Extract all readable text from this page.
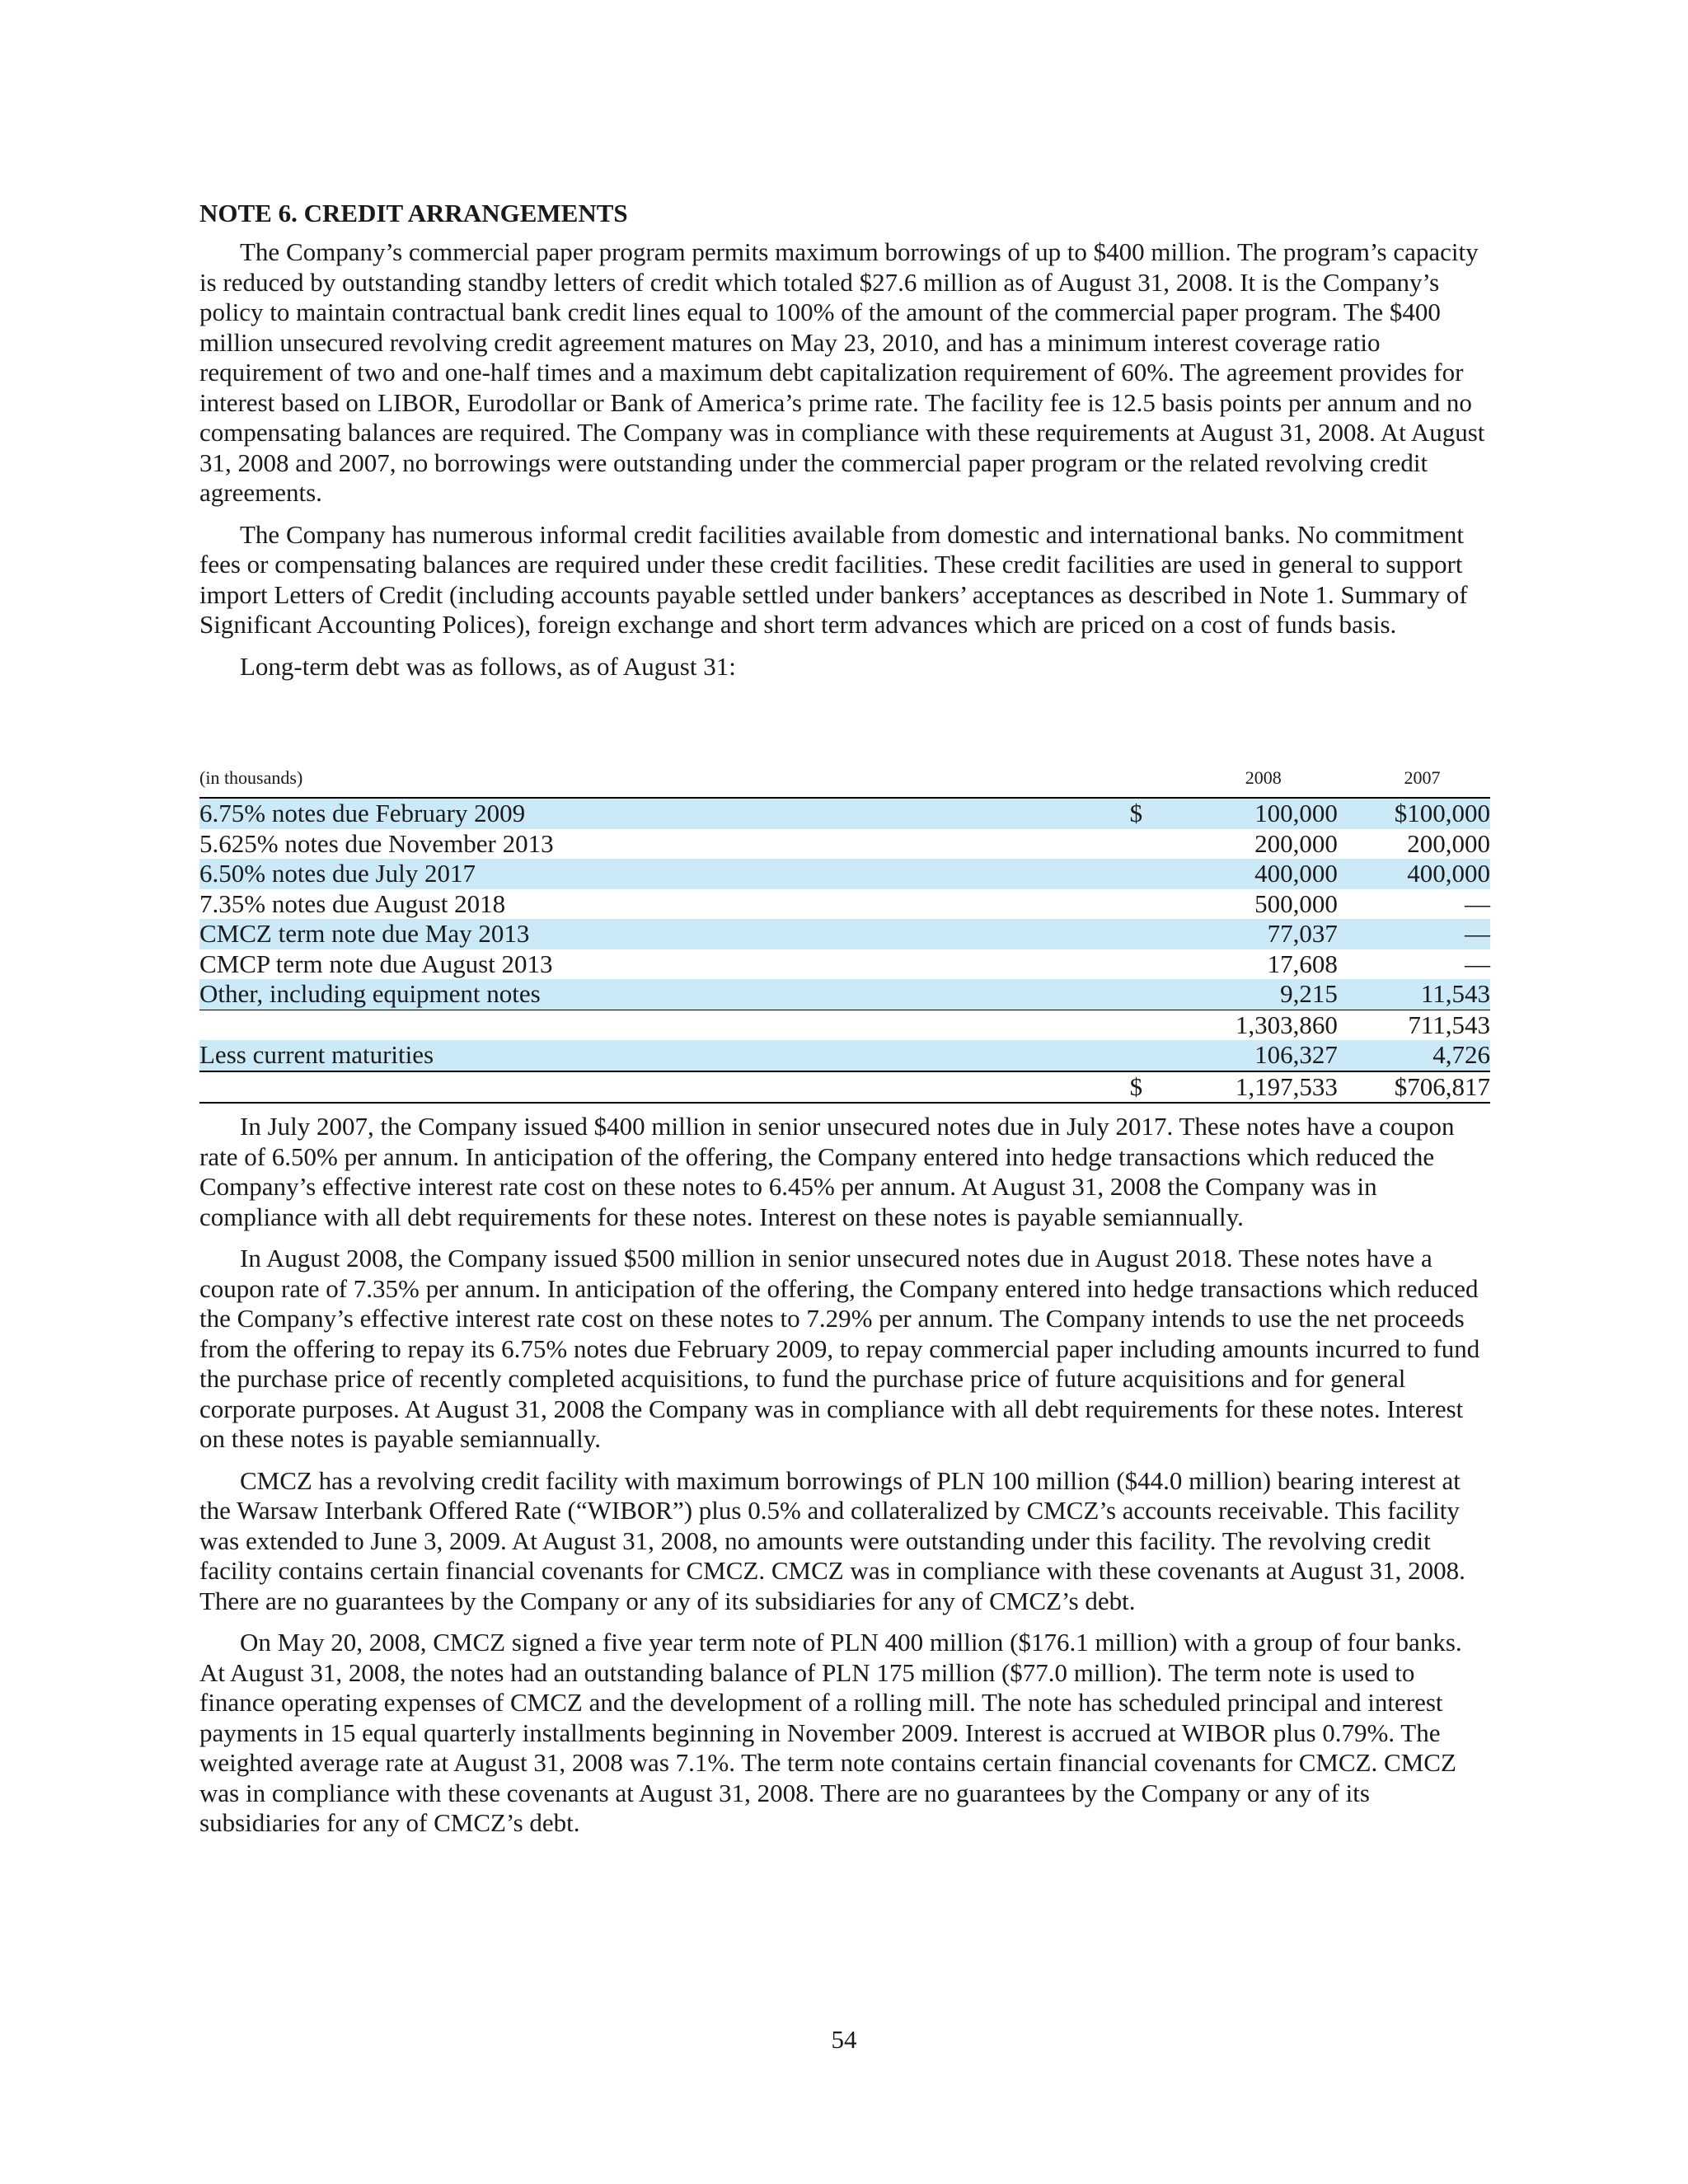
NOTE 6. CREDIT ARRANGEMENTS

The Company’s commercial paper program permits maximum borrowings of up to $400 million. The program’s capacity is reduced by outstanding standby letters of credit which totaled $27.6 million as of August 31, 2008. It is the Company’s policy to maintain contractual bank credit lines equal to 100% of the amount of the commercial paper program. The $400 million unsecured revolving credit agreement matures on May 23, 2010, and has a minimum interest coverage ratio requirement of two and one-half times and a maximum debt capitalization requirement of 60%. The agreement provides for interest based on LIBOR, Eurodollar or Bank of America’s prime rate. The facility fee is 12.5 basis points per annum and no compensating balances are required. The Company was in compliance with these requirements at August 31, 2008. At August 31, 2008 and 2007, no borrowings were outstanding under the commercial paper program or the related revolving credit agreements.

The Company has numerous informal credit facilities available from domestic and international banks. No commitment fees or compensating balances are required under these credit facilities. These credit facilities are used in general to support import Letters of Credit (including accounts payable settled under bankers’ acceptances as described in Note 1. Summary of Significant Accounting Polices), foreign exchange and short term advances which are priced on a cost of funds basis.

Long-term debt was as follows, as of August 31:

(in thousands)	2008	2007
6.75% notes due February 2009	$ 100,000	$100,000
5.625% notes due November 2013	200,000	200,000
6.50% notes due July 2017	400,000	400,000
7.35% notes due August 2018	500,000	—
CMCZ term note due May 2013	77,037	—
CMCP term note due August 2013	17,608	—
Other, including equipment notes	9,215	11,543
	1,303,860	711,543
Less current maturities	106,327	4,726

	$ 1,197,533	$706,817

In July 2007, the Company issued $400 million in senior unsecured notes due in July 2017. These notes have a coupon rate of 6.50% per annum. In anticipation of the offering, the Company entered into hedge transactions which reduced the Company’s effective interest rate cost on these notes to 6.45% per annum. At August 31, 2008 the Company was in compliance with all debt requirements for these notes. Interest on these notes is payable semiannually.

In August 2008, the Company issued $500 million in senior unsecured notes due in August 2018. These notes have a coupon rate of 7.35% per annum. In anticipation of the offering, the Company entered into hedge transactions which reduced the Company’s effective interest rate cost on these notes to 7.29% per annum. The Company intends to use the net proceeds from the offering to repay its 6.75% notes due February 2009, to repay commercial paper including amounts incurred to fund the purchase price of recently completed acquisitions, to fund the purchase price of future acquisitions and for general corporate purposes. At August 31, 2008 the Company was in compliance with all debt requirements for these notes. Interest on these notes is payable semiannually.

CMCZ has a revolving credit facility with maximum borrowings of PLN 100 million ($44.0 million) bearing interest at the Warsaw Interbank Offered Rate (“WIBOR”) plus 0.5% and collateralized by CMCZ’s accounts receivable. This facility was extended to June 3, 2009. At August 31, 2008, no amounts were outstanding under this facility. The revolving credit facility contains certain financial covenants for CMCZ. CMCZ was in compliance with these covenants at August 31, 2008. There are no guarantees by the Company or any of its subsidiaries for any of CMCZ’s debt.

On May 20, 2008, CMCZ signed a five year term note of PLN 400 million ($176.1 million) with a group of four banks. At August 31, 2008, the notes had an outstanding balance of PLN 175 million ($77.0 million). The term note is used to finance operating expenses of CMCZ and the development of a rolling mill. The note has scheduled principal and interest payments in 15 equal quarterly installments beginning in November 2009. Interest is accrued at WIBOR plus 0.79%. The weighted average rate at August 31, 2008 was 7.1%. The term note contains certain financial covenants for CMCZ. CMCZ was in compliance with these covenants at August 31, 2008. There are no guarantees by the Company or any of its subsidiaries for any of CMCZ’s debt.

54
